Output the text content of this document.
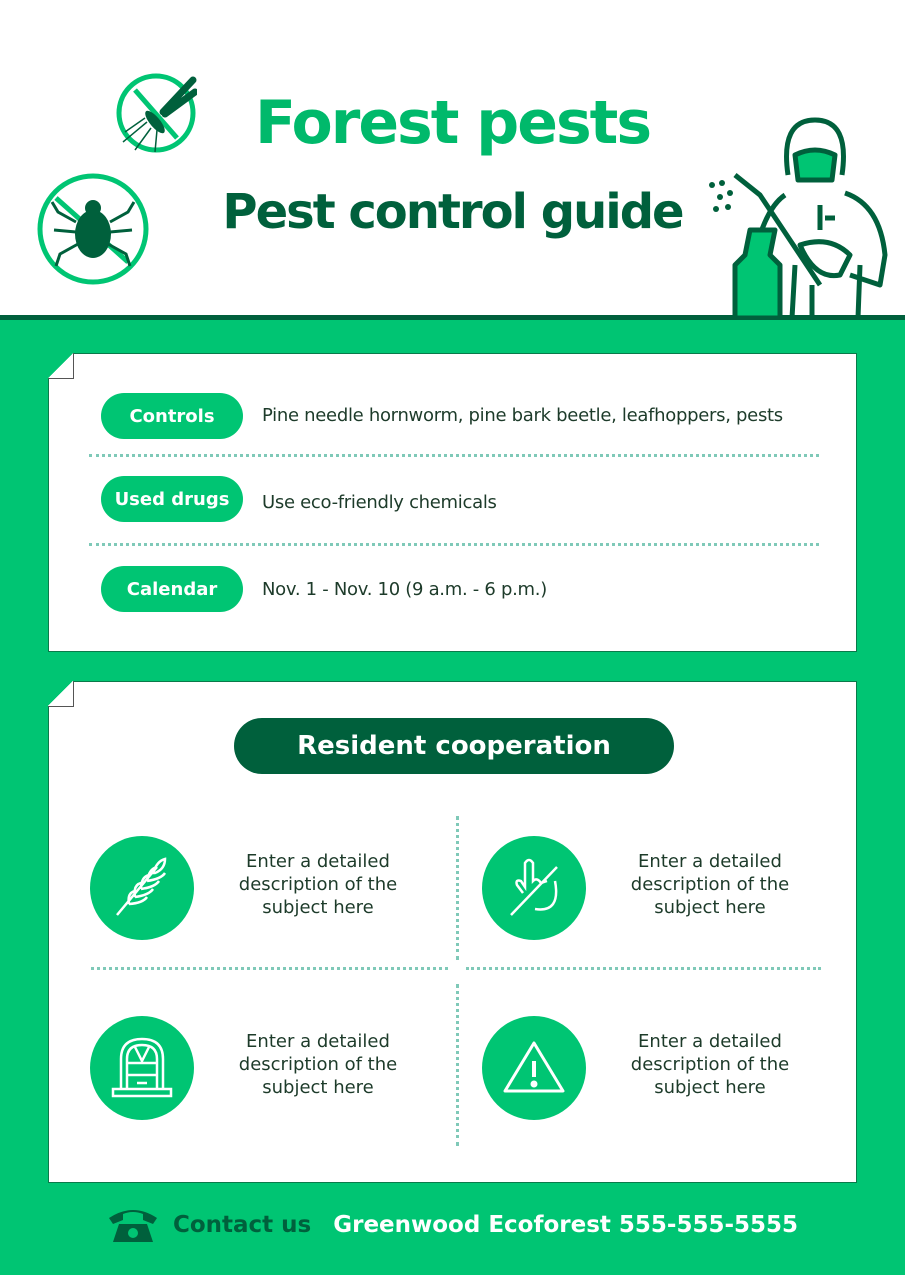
Forest pests
Pest control guide
Controls	Pine needle hornworm, pine bark beetle, leafhoppers, pests
Used drugs	Use eco-friendly chemicals
Calendar	Nov. 1 - Nov. 10 (9 a.m. - 6 p.m.)
Resident cooperation
Enter a detailed description of the subject here
Enter a detailed description of the subject here
Enter a detailed description of the subject here
Enter a detailed description of the subject here
Contact us Greenwood Ecoforest 555-555-5555
